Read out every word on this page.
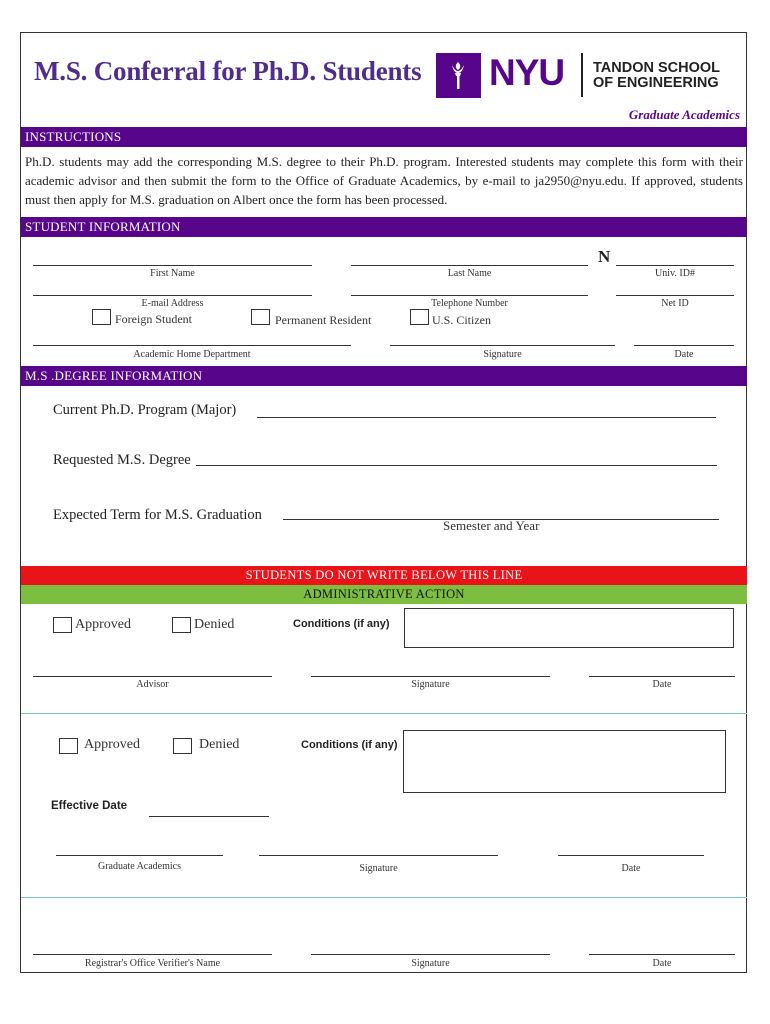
M.S. Conferral for Ph.D. Students NYU TANDON SCHOOL
OF ENGINEERING
Graduate Academics
INSTRUCTIONS
Ph.D. students may add the corresponding M.S. degree to their Ph.D. program. Interested students may complete this form with their academic advisor and then submit the form to the Office of Graduate Academics, by e-mail to ja2950@nyu.edu. If approved, students must then apply for M.S. graduation on Albert once the form has been processed.
STUDENT INFORMATION
N
First Name	Last Name	Univ. ID#
E-mail Address	Telephone Number	Net ID
Foreign Student	Permanent Resident	U.S. Citizen
Academic Home Department	Signature	Date
M.S .DEGREE INFORMATION
Current Ph.D. Program (Major)
Requested M.S. Degree
Expected Term for M.S. Graduation
Semester and Year
STUDENTS DO NOT WRITE BELOW THIS LINE
ADMINISTRATIVE ACTION
Approved	Denied	Conditions (if any)
Advisor	Signature	Date
Approved	Denied	Conditions (if any)
Effective Date
Graduate Academics	Signature	Date
Registrar's Office Verifier's Name	Signature	Date
